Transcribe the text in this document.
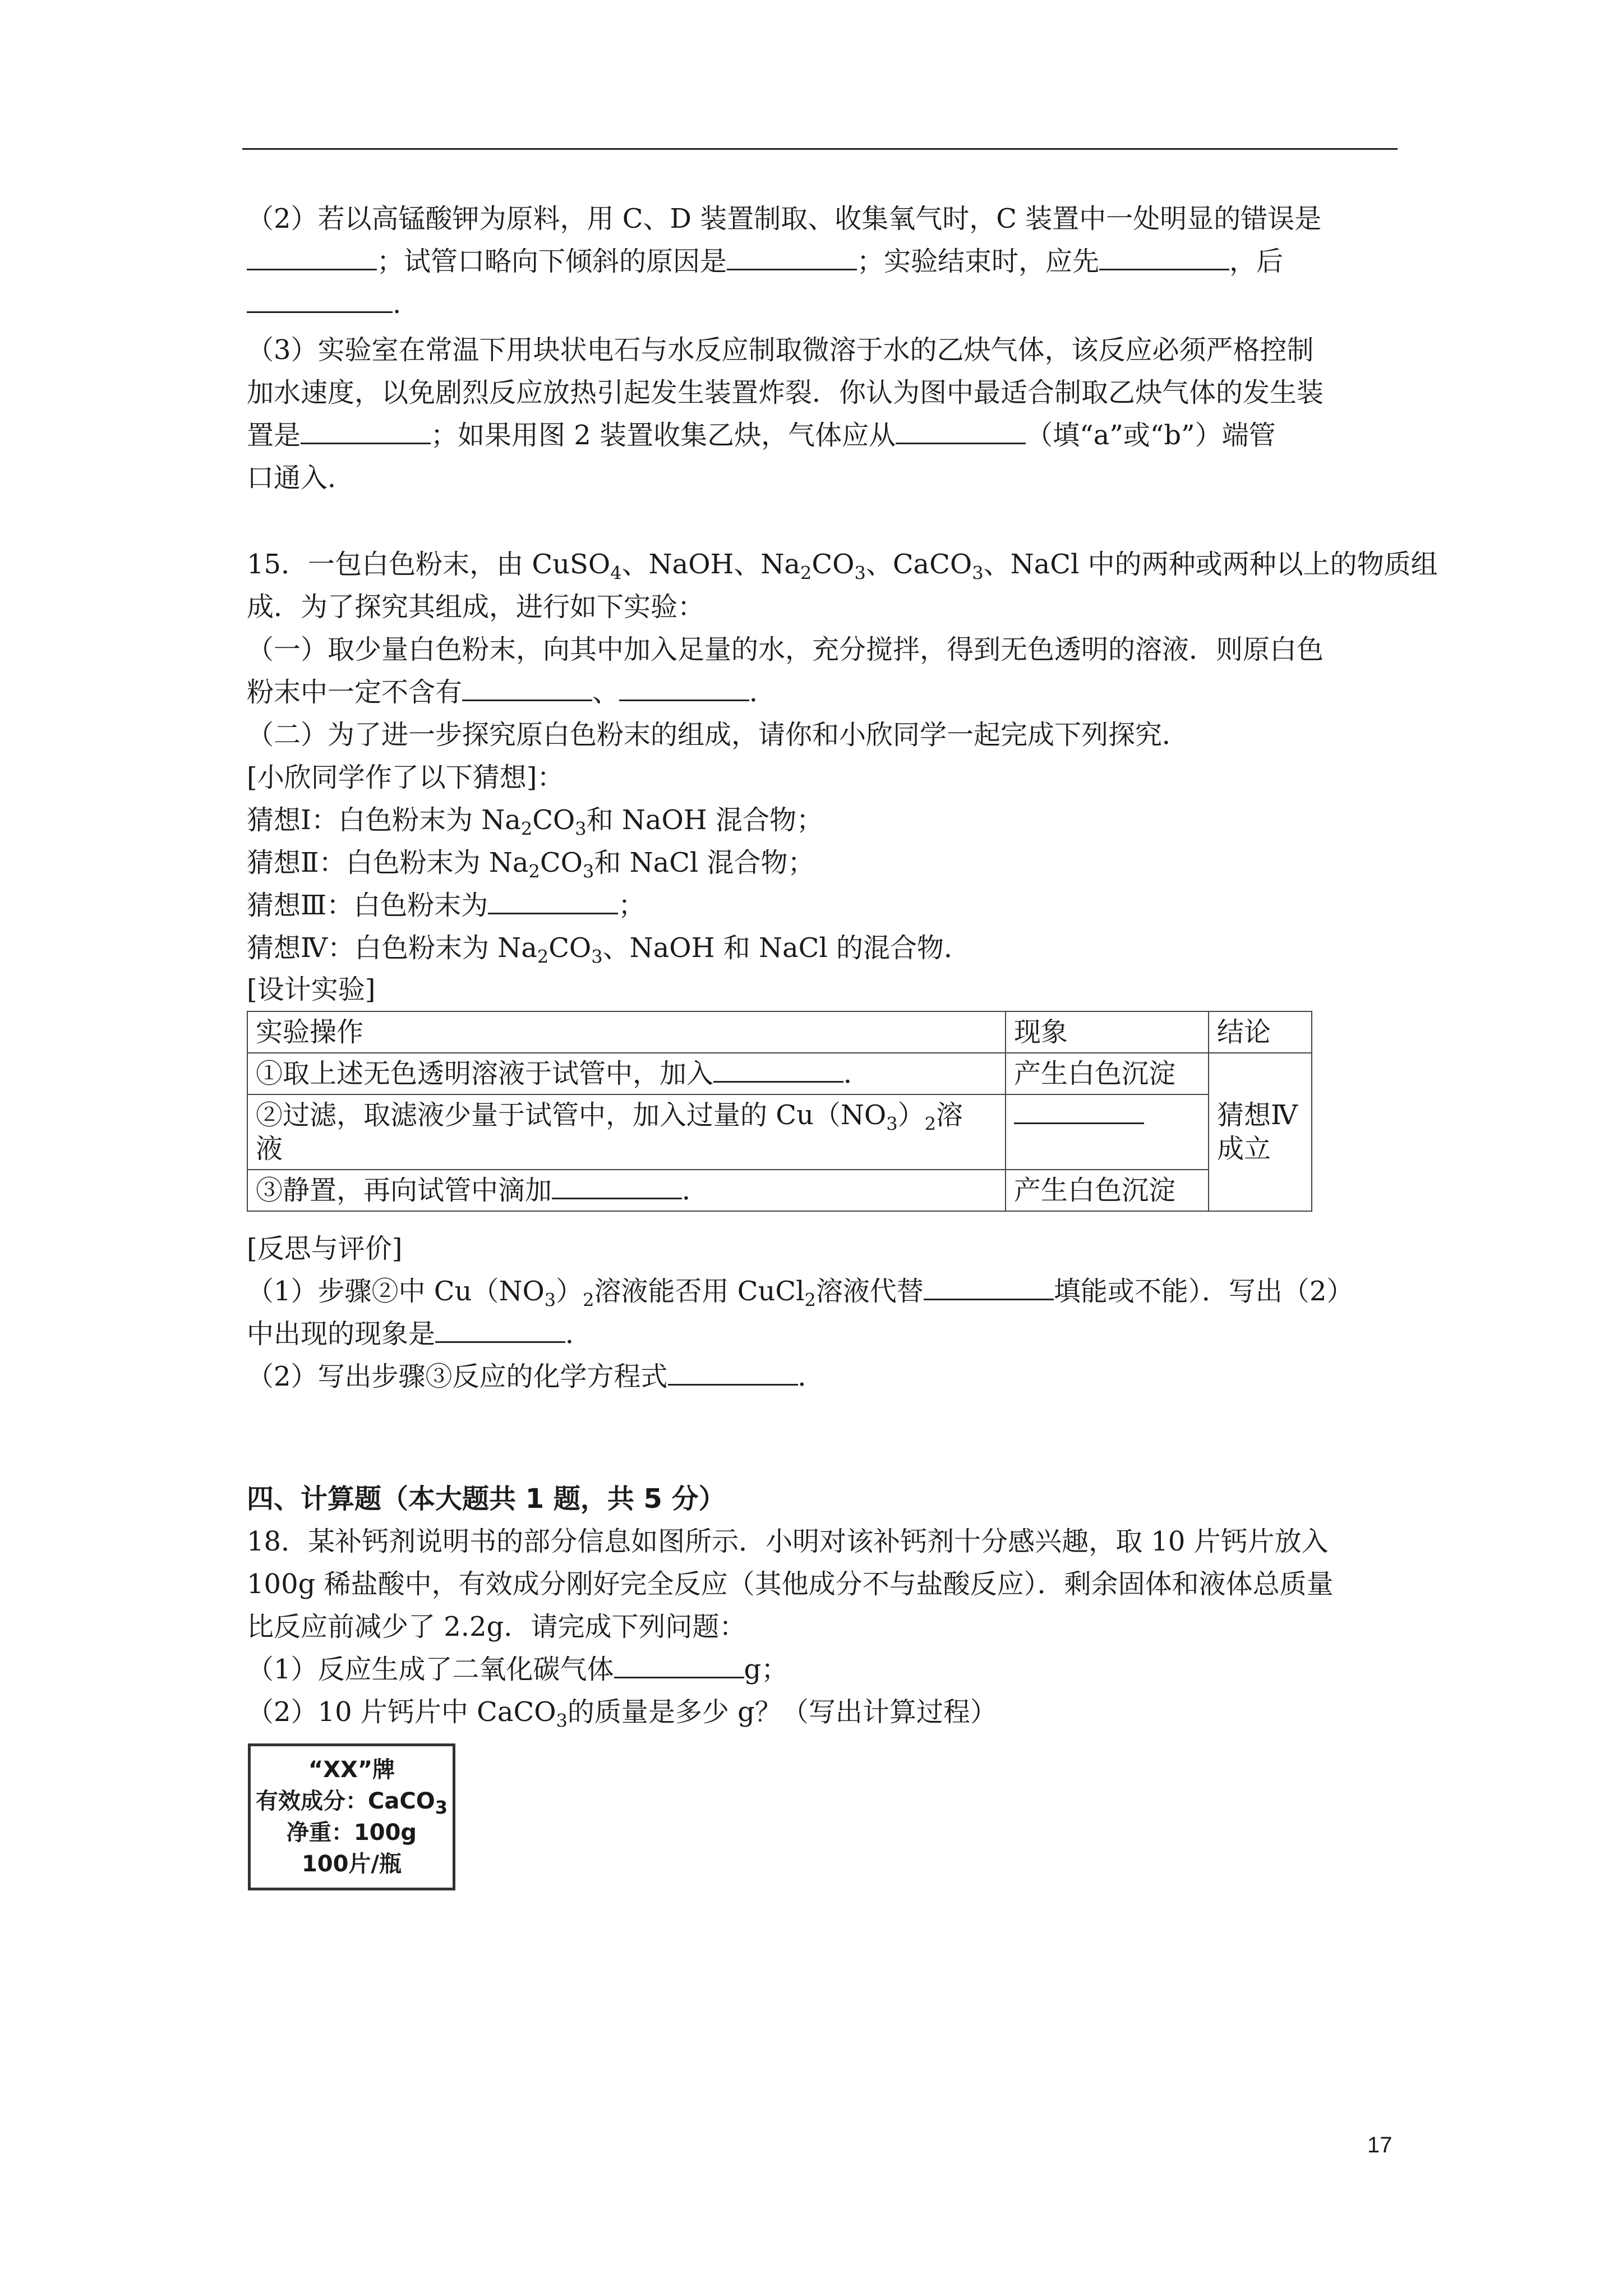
（2）若以高锰酸钾为原料，用 C、D 装置制取、收集氧气时，C 装置中一处明显的错误是
；试管口略向下倾斜的原因是	；实验结束时，应先	，后
.
（3）实验室在常温下用块状电石与水反应制取微溶于水的乙炔气体，该反应必须严格控制
加水速度，以免剧烈反应放热引起发生装置炸裂．你认为图中最适合制取乙炔气体的发生装
置是	；如果用图 2 装置收集乙炔，气体应从	（填“a”或“b”）端管
口通入．
15．一包白色粉末，由 CuSO$_4$、NaOH、$Na_2CO_3$、CaCO$_3$、NaCl 中的两种或两种以上的物质组
成．为了探究其组成，进行如下实验：
（一）取少量白色粉末，向其中加入足量的水，充分搅拌，得到无色透明的溶液．则原白色
粉末中一定不含有	、	．
（二）为了进一步探究原白色粉末的组成，请你和小欣同学一起完成下列探究．
[小欣同学作了以下猜想]：
猜想Ⅰ：白色粉末为 $Na_2CO_3$和 NaOH 混合物；
猜想Ⅱ：白色粉末为 $Na_2CO_3$和 NaCl 混合物；
猜想Ⅲ：白色粉末为	；
猜想Ⅳ：白色粉末为 $Na_2CO_3$、NaOH 和 NaCl 的混合物．
[设计实验]
实验操作	现象	结论
①取上述无色透明溶液于试管中，加入 ．	产生白色沉淀	猜想Ⅳ成立
②过滤，取滤液少量于试管中，加入过量的 $Cu(NO_3)_2$溶
液		
③静置，再向试管中滴加 ．	产生白色沉淀	
[反思与评价]
（1）步骤②中 $Cu(NO_3)_2$溶液能否用 CuCl$_2$溶液代替	填能或不能）．写出（2）
中出现的现象是	．
（2）写出步骤③反应的化学方程式	．
四、计算题（本大题共 1 题，共 5 分）
18．某补钙剂说明书的部分信息如图所示．小明对该补钙剂十分感兴趣，取 10 片钙片放入
100g 稀盐酸中，有效成分刚好完全反应（其他成分不与盐酸反应）．剩余固体和液体总质量
比反应前减少了 2.2g．请完成下列问题：
（1）反应生成了二氧化碳气体	g；
（2）10 片钙片中 CaCO$_3$的质量是多少 g？（写出计算过程）
“XX”牌
有效成分：CaCO$_3$
净重：100g
100片/瓶
17
